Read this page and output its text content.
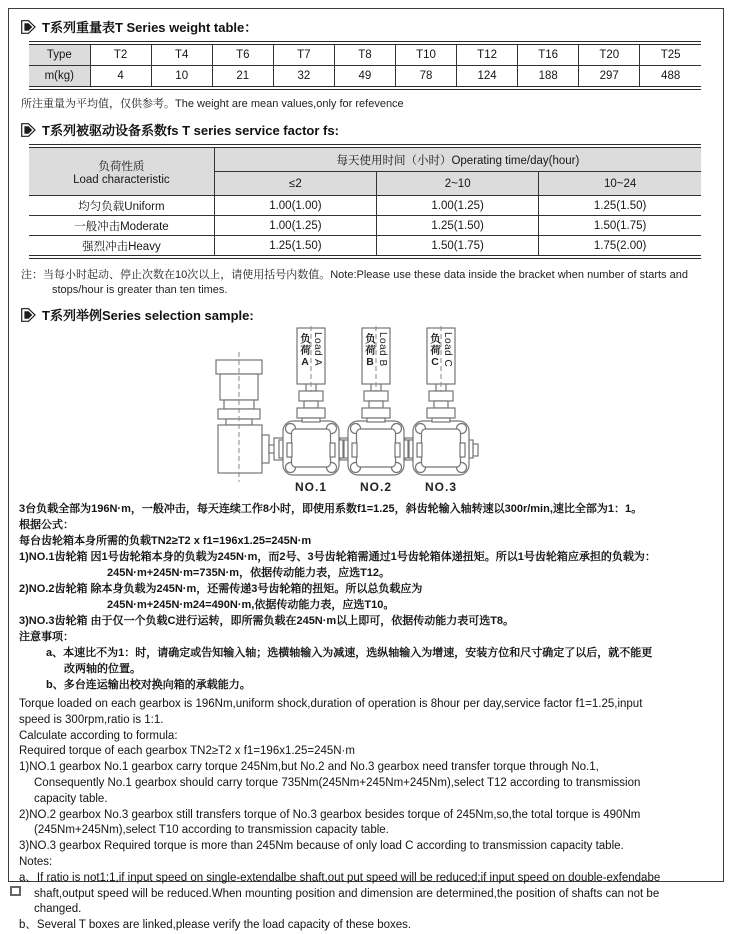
T系列重量表T Series weight table：
Type	T2	T4	T6	T7	T8	T10	T12	T16	T20	T25
m(kg)	4	10	21	32	49	78	124	188	297	488
所注重量为平均值，仅供参考。The weight are mean values,only for refevence
T系列被驱动设备系数fs T series service factor fs:
负荷性质
Load characteristic	每天使用时间（小时）Operating time/day(hour)		
	≤2	2~10	10~24
均匀负载Uniform	1.00(1.00)	1.00(1.25)	1.25(1.50)
一般冲击Moderate	1.00(1.25)	1.25(1.50)	1.50(1.75)
强烈冲击Heavy	1.25(1.50)	1.50(1.75)	1.75(2.00)
注：当每小时起动、停止次数在10次以上，请使用括号内数值。Note:Please use these data inside the bracket when number of starts and
stops/hour is greater than ten times.
T系列举例Series selection sample:
NO.1	NO.2	NO.3
负荷A Load A	负荷B Load B	负荷C Load C
3台负载全部为196N·m，一般冲击，每天连续工作8小时，即使用系数f1=1.25，斜齿轮输入轴转速以300r/min,速比全部为1：1。
根据公式：
每台齿轮箱本身所需的负载TN2≥T2 x f1=196x1.25=245N·m
1)NO.1齿轮箱 因1号齿轮箱本身的负载为245N·m，而2号、3号齿轮箱需通过1号齿轮箱体递扭矩。所以1号齿轮箱应承担的负载为：
245N·m+245N·m=735N·m，依据传动能力表，应选T12。
2)NO.2齿轮箱 除本身负载为245N·m，还需传递3号齿轮箱的扭矩。所以总负载应为
245N·m+245N·m24=490N·m,依据传动能力表，应选T10。
3)NO.3齿轮箱 由于仅一个负载C进行运转，即所需负载在245N·m以上即可，依据传动能力表可选T8。
注意事项：
a、本速比不为1：时，请确定或告知输入轴；选横轴输入为减速，选纵轴输入为增速，安装方位和尺寸确定了以后，就不能更
改两轴的位置。
b、多台连运输出校对换向箱的承载能力。
Torque loaded on each gearbox is 196Nm,uniform shock,duration of operation is 8hour per day,service factor f1=1.25,input
speed is 300rpm,ratio is 1:1.
Calculate according to formula:
Required torque of each gearbox TN2≥T2 x f1=196x1.25=245N·m
1)NO.1 gearbox No.1 gearbox carry torque 245Nm,but No.2 and No.3 gearbox need transfer torque through No.1,
Consequently No.1 gearbox should carry torque 735Nm(245Nm+245Nm+245Nm),select T12 according to transmission
capacity table.
2)NO.2 gearbox No.3 gearbox still transfers torque of No.3 gearbox besides torque of 245Nm,so,the total torque is 490Nm
(245Nm+245Nm),select T10 according to transmission capacity table.
3)NO.3 gearbox Required torque is more than 245Nm because of only load C according to transmission capacity table.
Notes:
a、If ratio is not1:1,if input speed on single-extendalbe shaft,out put speed will be reduced;if input speed on double-exfendabe
shaft,output speed will be reduced.When mounting position and dimension are determined,the position of shafts can not be
changed.
b、Several T boxes are linked,please verify the load capacity of these boxes.
